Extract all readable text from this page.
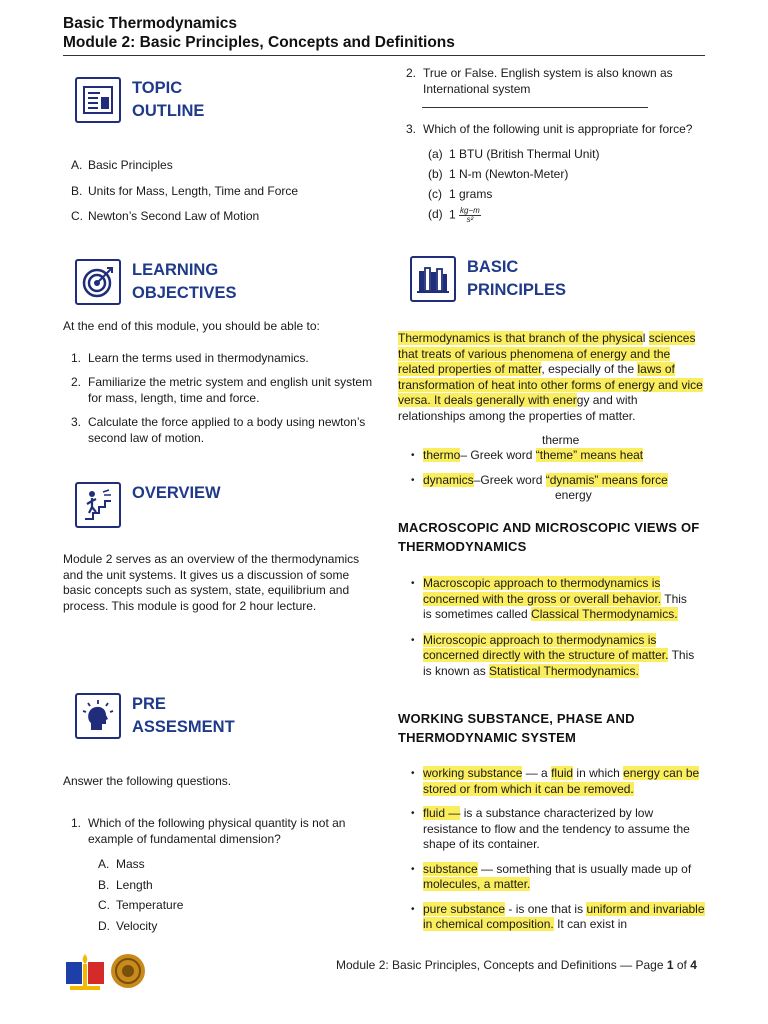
Basic Thermodynamics
Module 2: Basic Principles, Concepts and Definitions
TOPIC
OUTLINE
A. Basic Principles
B. Units for Mass, Length, Time and Force
C. Newton’s Second Law of Motion
LEARNING
OBJECTIVES
At the end of this module, you should be able to:
1. Learn the terms used in thermodynamics.
2. Familiarize the metric system and english unit system for mass, length, time and force.
3. Calculate the force applied to a body using newton’s second law of motion.
OVERVIEW
Module 2 serves as an overview of the thermodynamics and the unit systems. It gives us a discussion of some basic concepts such as system, state, equilibrium and process. This module is good for 2 hour lecture.
PRE
ASSESMENT
Answer the following questions.
1. Which of the following physical quantity is not an example of fundamental dimension?
A. Mass
B. Length
C. Temperature
D. Velocity
2. True or False. English system is also known as International system
3. Which of the following unit is appropriate for force?
(a) 1 BTU (British Thermal Unit)
(b) 1 N-m (Newton-Meter)
(c) 1 grams
(d) $1 \frac{kg-m}{\text{s²}}$
BASIC
PRINCIPLES
Thermodynamics is that branch of the physical sciences that treats of various phenomena of energy and the related properties of matter, especially of the laws of transformation of heat into other forms of energy and vice versa. It deals generally with energy and with relationships among the properties of matter.
therme
• thermo– Greek word “theme” means heat
• dynamics–Greek word “dynamis” means force
energy
MACROSCOPIC AND MICROSCOPIC VIEWS OF THERMODYNAMICS
• Macroscopic approach to thermodynamics is concerned with the gross or overall behavior. This is sometimes called Classical Thermodynamics.
• Microscopic approach to thermodynamics is concerned directly with the structure of matter. This is known as Statistical Thermodynamics.
WORKING SUBSTANCE, PHASE AND THERMODYNAMIC SYSTEM
• working substance — a fluid in which energy can be stored or from which it can be removed.
• fluid — is a substance characterized by low resistance to flow and the tendency to assume the shape of its container.
• substance — something that is usually made up of molecules, a matter.
• pure substance - is one that is uniform and invariable in chemical composition. It can exist in
Module 2: Basic Principles, Concepts and Definitions — Page 1 of 4
